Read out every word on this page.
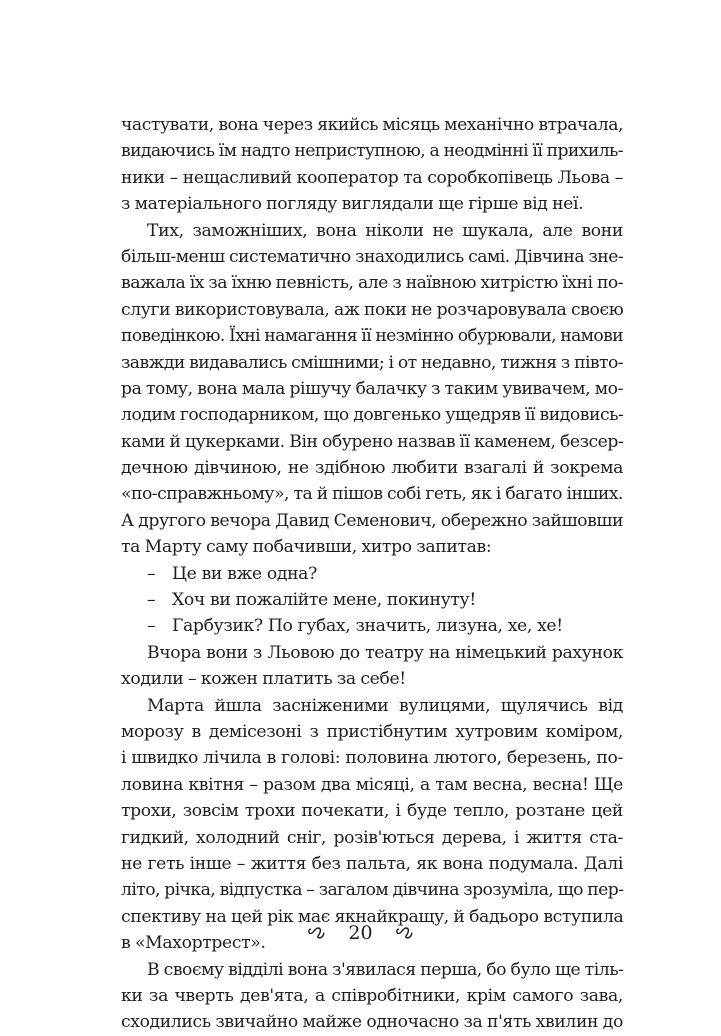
частувати, вона через якийсь місяць механічно втрачала,
видаючись їм надто неприступною, а неодмінні її прихиль-
ники – нещасливий кооператор та соробкопівець Льова –
з матеріального погляду виглядали ще гірше від неї.
Тих, заможніших, вона ніколи не шукала, але вони
більш-менш систематично знаходились самі. Дівчина зне-
важала їх за їхню певність, але з наївною хитрістю їхні по-
слуги використовувала, аж поки не розчаровувала своєю
поведінкою. Їхні намагання її незмінно обурювали, намови
завжди видавались смішними; і от недавно, тижня з півто-
ра тому, вона мала рішучу балачку з таким увивачем, мо-
лодим господарником, що довгенько ущедряв її видовись-
ками й цукерками. Він обурено назвав її каменем, безсер-
дечною дівчиною, не здібною любити взагалі й зокрема
«по-справжньому», та й пішов собі геть, як і багато інших.
А другого вечора Давид Семенович, обережно зайшовши
та Марту саму побачивши, хитро запитав:
– Це ви вже одна?
– Хоч ви пожалійте мене, покинуту!
– Гарбузик? По губах, значить, лизуна, хе, хе!
Вчора вони з Льовою до театру на німецький рахунок
ходили – кожен платить за себе!
Марта йшла засніженими вулицями, щулячись від
морозу в демісезоні з пристібнутим хутровим коміром,
і швидко лічила в голові: половина лютого, березень, по-
ловина квітня – разом два місяці, а там весна, весна! Ще
трохи, зовсім трохи почекати, і буде тепло, розтане цей
гидкий, холодний сніг, розів'ються дерева, і життя ста-
не геть інше – життя без пальта, як вона подумала. Далі
літо, річка, відпустка – загалом дівчина зрозуміла, що пер-
спективу на цей рік має якнайкращу, й бадьоро вступила
в «Махортрест».
В своєму відділі вона з'явилася перша, бо було ще тіль-
ки за чверть дев'ята, а співробітники, крім самого зава,
сходились звичайно майже одночасно за п'ять хвилин до
20
